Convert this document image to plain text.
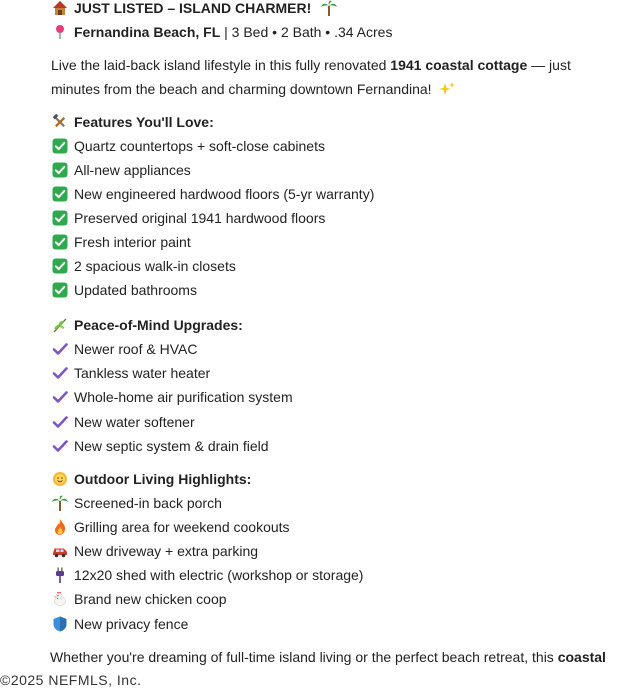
JUST LISTED – ISLAND CHARMER!
Fernandina Beach, FL | 3 Bed • 2 Bath • .34 Acres
Live the laid-back island lifestyle in this fully renovated 1941 coastal cottage — just minutes from the beach and charming downtown Fernandina!
Features You'll Love:
Quartz countertops + soft-close cabinets
All-new appliances
New engineered hardwood floors (5-yr warranty)
Preserved original 1941 hardwood floors
Fresh interior paint
2 spacious walk-in closets
Updated bathrooms
Peace-of-Mind Upgrades:
Newer roof & HVAC
Tankless water heater
Whole-home air purification system
New water softener
New septic system & drain field
Outdoor Living Highlights:
Screened-in back porch
Grilling area for weekend cookouts
New driveway + extra parking
12x20 shed with electric (workshop or storage)
Brand new chicken coop
New privacy fence
Whether you're dreaming of full-time island living or the perfect beach retreat, this coastal
©2025 NEFMLS, Inc.
